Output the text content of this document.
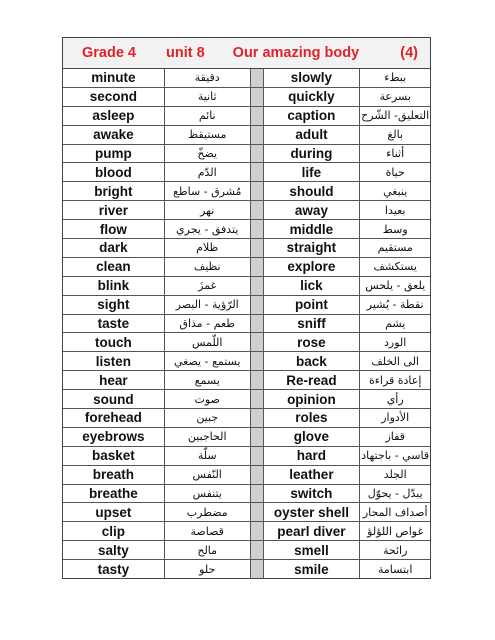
Grade 4 unit 8 Our amazing body	(4)
minute	دقيقة		slowly	ببطء
second	ثانية		quickly	بسرعة
asleep	نائم		caption	التعليق- الشّرح
awake	مستيقظ		adult	بالغ
pump	يضخّ		during	أثناء
blood	الدّم		life	حياة
bright	مُشرق - ساطع		should	ينبغي
river	نهر		away	بعيدا
flow	يتدفق - يجري		middle	وسط
dark	ظلام		straight	مستقيم
clean	نظيف		explore	يستكشف
blink	غمزَ		lick	يلعق - يلحس
sight	الرّؤية - البصر		point	نقطة - يُشير
taste	طعم - مذاق		sniff	يشم
touch	اللّمس		rose	الورد
listen	يستمع - يصغي		back	الى الخلف
hear	يسمع		Re-read	إعادة قراءة
sound	صوت		opinion	رأي
forehead	جبين		roles	الأدوار
eyebrows	الحاجبين		glove	قفاز
basket	سلّة		hard	قاسي - باجتهاد
breath	النّفس		leather	الجلد
breathe	يتنفس		switch	يبدّل - يحوّل
upset	مضطرب		oyster shell	أصداف المحار
clip	قصاصة		pearl diver	غواص اللؤلؤ
salty	مالح		smell	رائحة
tasty	حلو		smile	ابتسامة
